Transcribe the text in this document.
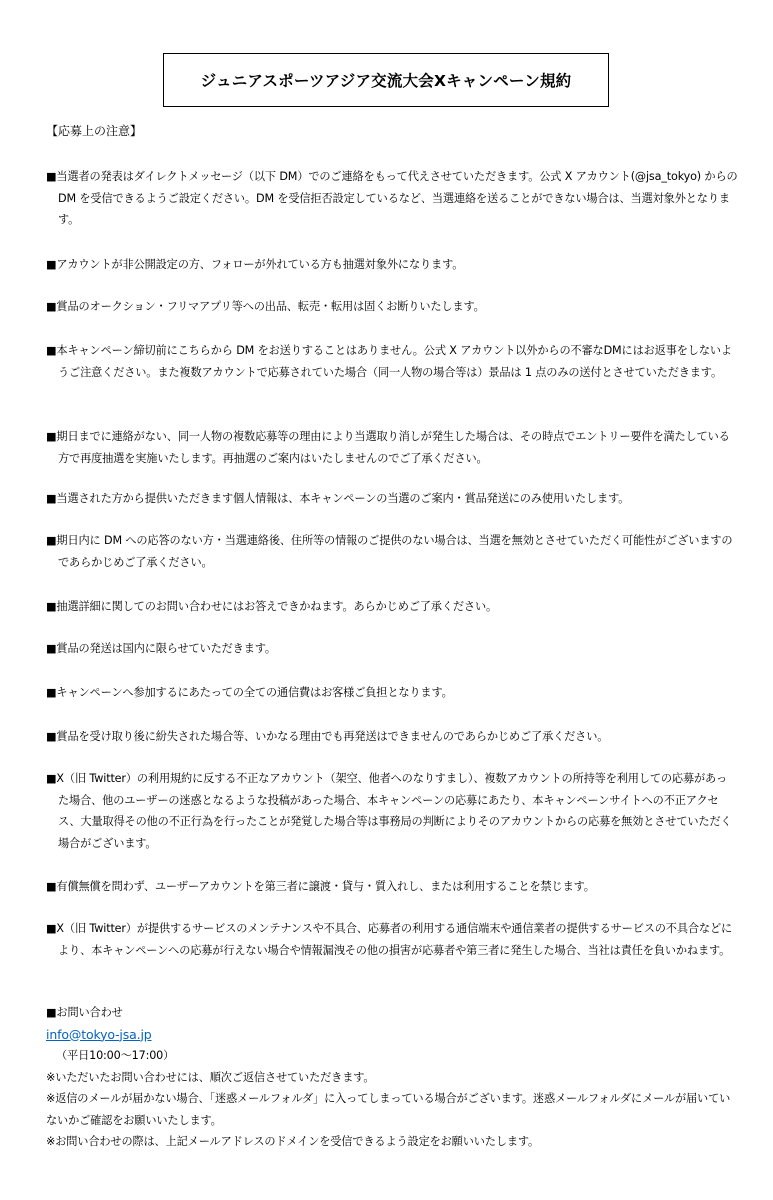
ジュニアスポーツアジア交流大会Xキャンペーン規約
【応募上の注意】
■当選者の発表はダイレクトメッセージ（以下 DM）でのご連絡をもって代えさせていただきます。公式 X アカウント(@jsa_tokyo) からの DM を受信できるようご設定ください。DM を受信拒否設定しているなど、当選連絡を送ることができない場合は、当選対象外となります。
■アカウントが非公開設定の方、フォローが外れている方も抽選対象外になります。
■賞品のオークション・フリマアプリ等への出品、転売・転用は固くお断りいたします。
■本キャンペーン締切前にこちらから DM をお送りすることはありません。公式 X アカウント以外からの不審なDMにはお返事をしないようご注意ください。また複数アカウントで応募されていた場合（同一人物の場合等は）景品は 1 点のみの送付とさせていただきます。
■期日までに連絡がない、同一人物の複数応募等の理由により当選取り消しが発生した場合は、その時点でエントリー要件を満たしている方で再度抽選を実施いたします。再抽選のご案内はいたしませんのでご了承ください。
■当選された方から提供いただきます個人情報は、本キャンペーンの当選のご案内・賞品発送にのみ使用いたします。
■期日内に DM への応答のない方・当選連絡後、住所等の情報のご提供のない場合は、当選を無効とさせていただく可能性がございますのであらかじめご了承ください。
■抽選詳細に関してのお問い合わせにはお答えできかねます。あらかじめご了承ください。
■賞品の発送は国内に限らせていただきます。
■キャンペーンへ参加するにあたっての全ての通信費はお客様ご負担となります。
■賞品を受け取り後に紛失された場合等、いかなる理由でも再発送はできませんのであらかじめご了承ください。
■X（旧 Twitter）の利用規約に反する不正なアカウント（架空、他者へのなりすまし）、複数アカウントの所持等を利用しての応募があった場合、他のユーザーの迷惑となるような投稿があった場合、本キャンペーンの応募にあたり、本キャンペーンサイトへの不正アクセス、大量取得その他の不正行為を行ったことが発覚した場合等は事務局の判断によりそのアカウントからの応募を無効とさせていただく場合がございます。
■有償無償を問わず、ユーザーアカウントを第三者に譲渡・貸与・質入れし、または利用することを禁じます。
■X（旧 Twitter）が提供するサービスのメンテナンスや不具合、応募者の利用する通信端末や通信業者の提供するサービスの不具合などにより、本キャンペーンへの応募が行えない場合や情報漏洩その他の損害が応募者や第三者に発生した場合、当社は責任を負いかねます。
■お問い合わせ
info@tokyo-jsa.jp
（平日10:00～17:00）
※いただいたお問い合わせには、順次ご返信させていただきます。
※返信のメールが届かない場合、「迷惑メールフォルダ」に入ってしまっている場合がございます。迷惑メールフォルダにメールが届いていないかご確認をお願いいたします。
※お問い合わせの際は、上記メールアドレスのドメインを受信できるよう設定をお願いいたします。
